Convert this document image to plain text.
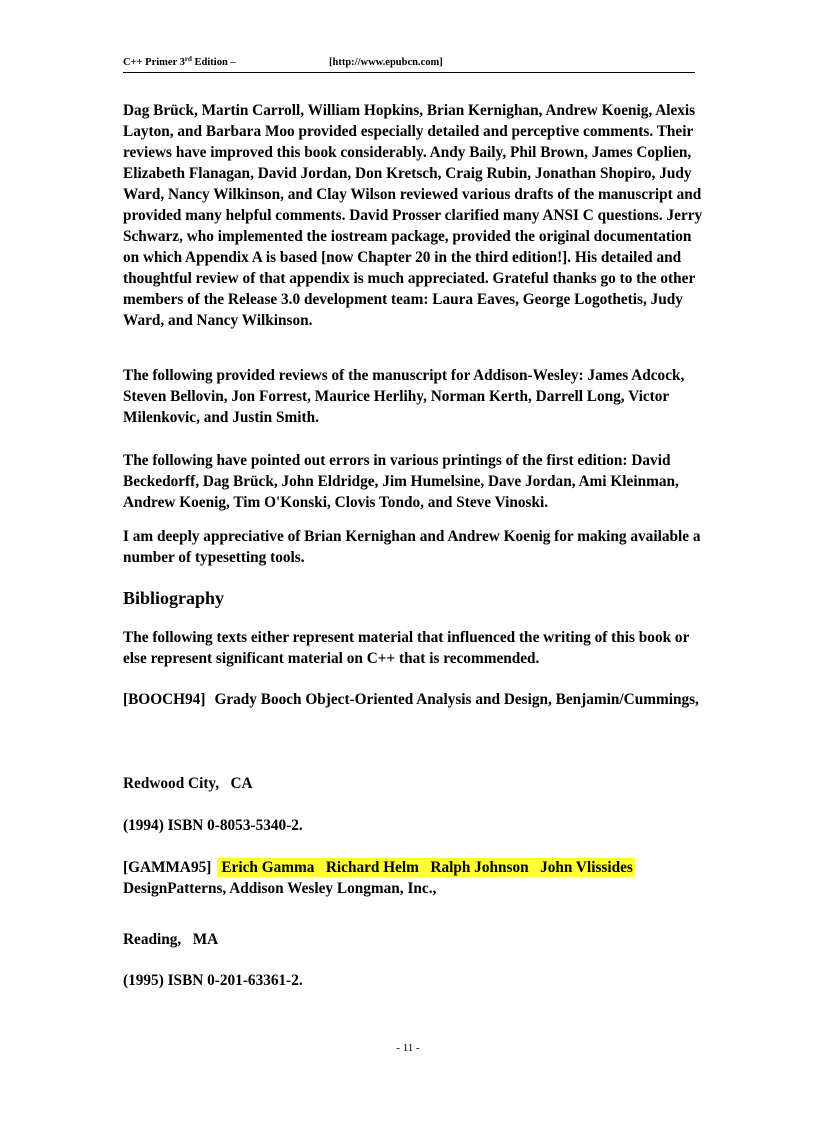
C++ Primer 3rd Edition –	[http://www.epubcn.com]

Dag Brück, Martin Carroll, William Hopkins, Brian Kernighan, Andrew Koenig, Alexis Layton, and Barbara Moo provided especially detailed and perceptive comments. Their reviews have improved this book considerably. Andy Baily, Phil Brown, James Coplien, Elizabeth Flanagan, David Jordan, Don Kretsch, Craig Rubin, Jonathan Shopiro, Judy Ward, Nancy Wilkinson, and Clay Wilson reviewed various drafts of the manuscript and provided many helpful comments. David Prosser clarified many ANSI C questions. Jerry Schwarz, who implemented the iostream package, provided the original documentation on which Appendix A is based [now Chapter 20 in the third edition!]. His detailed and thoughtful review of that appendix is much appreciated. Grateful thanks go to the other members of the Release 3.0 development team: Laura Eaves, George Logothetis, Judy Ward, and Nancy Wilkinson.

The following provided reviews of the manuscript for Addison-Wesley: James Adcock, Steven Bellovin, Jon Forrest, Maurice Herlihy, Norman Kerth, Darrell Long, Victor Milenkovic, and Justin Smith.

The following have pointed out errors in various printings of the first edition: David Beckedorff, Dag Brück, John Eldridge, Jim Humelsine, Dave Jordan, Ami Kleinman, Andrew Koenig, Tim O'Konski, Clovis Tondo, and Steve Vinoski.

I am deeply appreciative of Brian Kernighan and Andrew Koenig for making available a number of typesetting tools.

Bibliography

The following texts either represent material that influenced the writing of this book or else represent significant material on C++ that is recommended.

[BOOCH94] Grady Booch Object-Oriented Analysis and Design, Benjamin/Cummings,

Redwood City,   CA

(1994) ISBN 0-8053-5340-2.

[GAMMA95] Erich Gamma   Richard Helm   Ralph Johnson   John Vlissides
DesignPatterns, Addison Wesley Longman, Inc.,

Reading,   MA

(1995) ISBN 0-201-63361-2.

- 11 -
